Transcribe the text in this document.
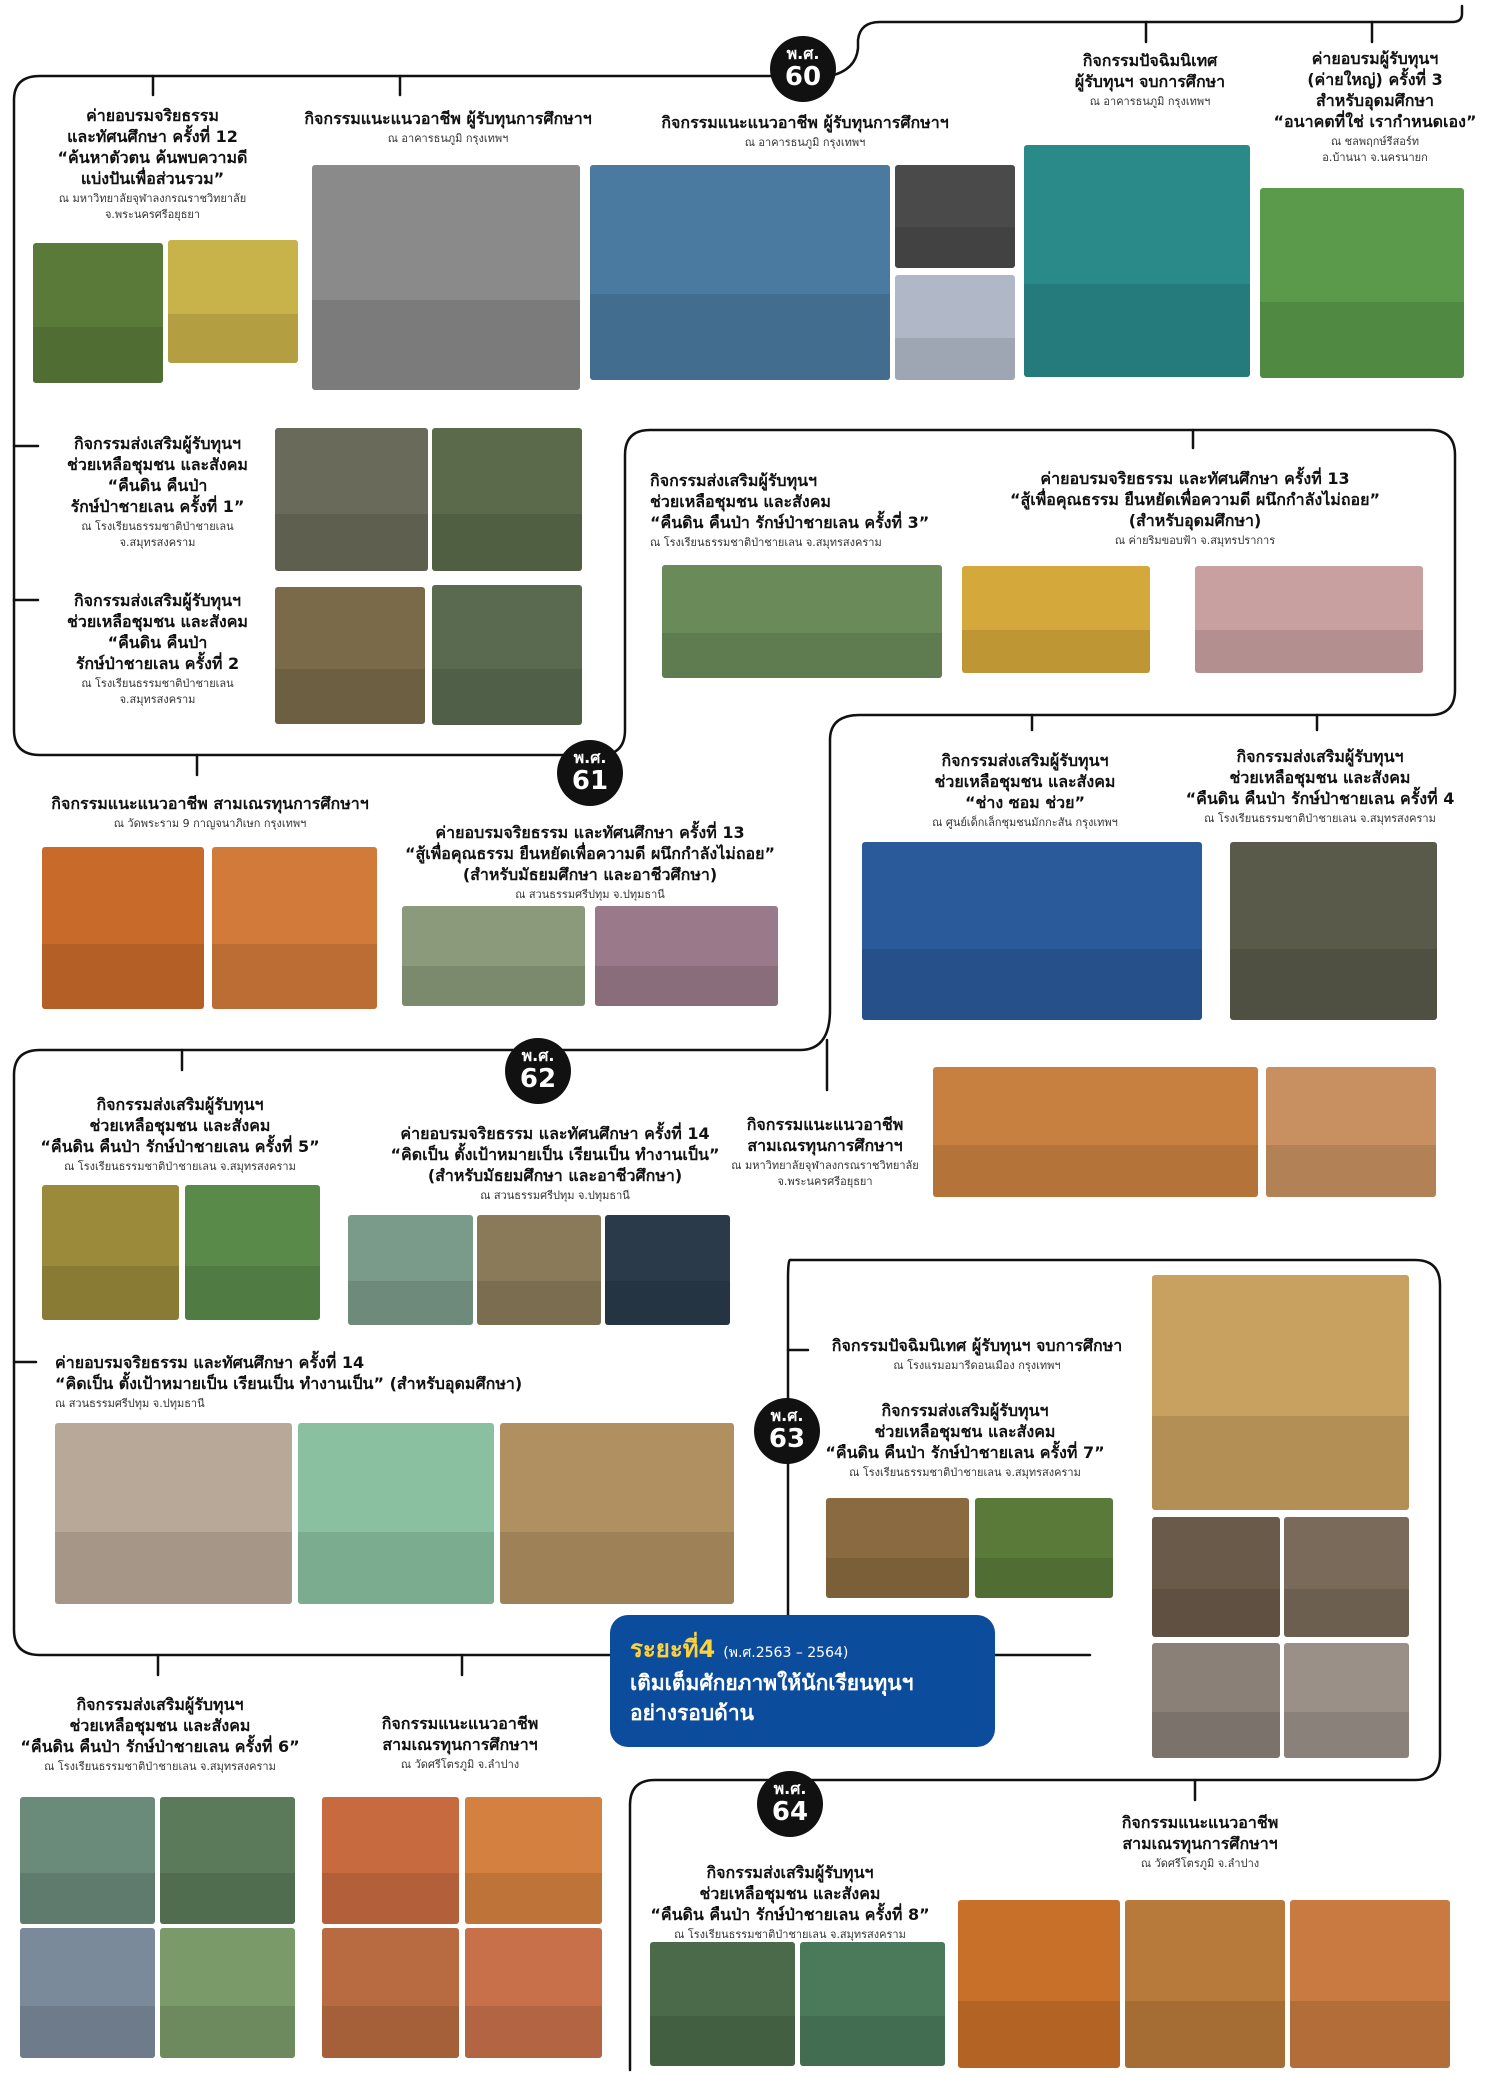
พ.ศ.
60
พ.ศ.
61
พ.ศ.
62
พ.ศ.
63
พ.ศ.
64
ระยะที่4 (พ.ศ.2563 – 2564)
เติมเต็มศักยภาพให้นักเรียนทุนฯ
อย่างรอบด้าน
ค่ายอบรมจริยธรรม
และทัศนศึกษา ครั้งที่ 12
“ค้นหาตัวตน ค้นพบความดี
แบ่งปันเพื่อส่วนรวม”
ณ มหาวิทยาลัยจุฬาลงกรณราชวิทยาลัย
จ.พระนครศรีอยุธยา
กิจกรรมแนะแนวอาชีพ ผู้รับทุนการศึกษาฯ
ณ อาคารธนภูมิ กรุงเทพฯ
กิจกรรมแนะแนวอาชีพ ผู้รับทุนการศึกษาฯ
ณ อาคารธนภูมิ กรุงเทพฯ
กิจกรรมปัจฉิมนิเทศ
ผู้รับทุนฯ จบการศึกษา
ณ อาคารธนภูมิ กรุงเทพฯ
ค่ายอบรมผู้รับทุนฯ
(ค่ายใหญ่) ครั้งที่ 3
สำหรับอุดมศึกษา
“อนาคตที่ใช่ เรากำหนดเอง”
ณ ชลพฤกษ์รีสอร์ท
อ.บ้านนา จ.นครนายก
กิจกรรมส่งเสริมผู้รับทุนฯ
ช่วยเหลือชุมชน และสังคม
“คืนดิน คืนป่า
รักษ์ป่าชายเลน ครั้งที่ 1”
ณ โรงเรียนธรรมชาติป่าชายเลน
จ.สมุทรสงคราม
กิจกรรมส่งเสริมผู้รับทุนฯ
ช่วยเหลือชุมชน และสังคม
“คืนดิน คืนป่า
รักษ์ป่าชายเลน ครั้งที่ 2
ณ โรงเรียนธรรมชาติป่าชายเลน
จ.สมุทรสงคราม
กิจกรรมส่งเสริมผู้รับทุนฯ
ช่วยเหลือชุมชน และสังคม
“คืนดิน คืนป่า รักษ์ป่าชายเลน ครั้งที่ 3”
ณ โรงเรียนธรรมชาติป่าชายเลน จ.สมุทรสงคราม
ค่ายอบรมจริยธรรม และทัศนศึกษา ครั้งที่ 13
“สู้เพื่อคุณธรรม ยืนหยัดเพื่อความดี ผนึกกำลังไม่ถอย”
(สำหรับอุดมศึกษา)
ณ ค่ายริมขอบฟ้า จ.สมุทรปราการ
กิจกรรมแนะแนวอาชีพ สามเณรทุนการศึกษาฯ
ณ วัดพระราม 9 กาญจนาภิเษก กรุงเทพฯ	ค่ายอบรมจริยธรรม และทัศนศึกษา ครั้งที่ 13
“สู้เพื่อคุณธรรม ยืนหยัดเพื่อความดี ผนึกกำลังไม่ถอย”
(สำหรับมัธยมศึกษา และอาชีวศึกษา)
ณ สวนธรรมศรีปทุม จ.ปทุมธานี
กิจกรรมส่งเสริมผู้รับทุนฯ
ช่วยเหลือชุมชน และสังคม
“ช่าง ซอม ช่วย”
ณ ศูนย์เด็กเล็กชุมชนมักกะสัน กรุงเทพฯ
กิจกรรมส่งเสริมผู้รับทุนฯ
ช่วยเหลือชุมชน และสังคม
“คืนดิน คืนป่า รักษ์ป่าชายเลน ครั้งที่ 4
ณ โรงเรียนธรรมชาติป่าชายเลน จ.สมุทรสงคราม
กิจกรรมส่งเสริมผู้รับทุนฯ
ช่วยเหลือชุมชน และสังคม
“คืนดิน คืนป่า รักษ์ป่าชายเลน ครั้งที่ 5”
ณ โรงเรียนธรรมชาติป่าชายเลน จ.สมุทรสงคราม
ค่ายอบรมจริยธรรม และทัศนศึกษา ครั้งที่ 14
“คิดเป็น ตั้งเป้าหมายเป็น เรียนเป็น ทำงานเป็น”
(สำหรับมัธยมศึกษา และอาชีวศึกษา)
ณ สวนธรรมศรีปทุม จ.ปทุมธานี
กิจกรรมแนะแนวอาชีพ
สามเณรทุนการศึกษาฯ
ณ มหาวิทยาลัยจุฬาลงกรณราชวิทยาลัย
จ.พระนครศรีอยุธยา
ค่ายอบรมจริยธรรม และทัศนศึกษา ครั้งที่ 14
“คิดเป็น ตั้งเป้าหมายเป็น เรียนเป็น ทำงานเป็น” (สำหรับอุดมศึกษา)
ณ สวนธรรมศรีปทุม จ.ปทุมธานี
กิจกรรมปัจฉิมนิเทศ ผู้รับทุนฯ จบการศึกษา
ณ โรงแรมอมารีดอนเมือง กรุงเทพฯ
กิจกรรมส่งเสริมผู้รับทุนฯ
ช่วยเหลือชุมชน และสังคม
“คืนดิน คืนป่า รักษ์ป่าชายเลน ครั้งที่ 7”
ณ โรงเรียนธรรมชาติป่าชายเลน จ.สมุทรสงคราม
กิจกรรมส่งเสริมผู้รับทุนฯ
ช่วยเหลือชุมชน และสังคม
“คืนดิน คืนป่า รักษ์ป่าชายเลน ครั้งที่ 6”
ณ โรงเรียนธรรมชาติป่าชายเลน จ.สมุทรสงคราม
กิจกรรมแนะแนวอาชีพ
สามเณรทุนการศึกษาฯ
ณ วัดศรีโตรภูมิ จ.ลำปาง
กิจกรรมส่งเสริมผู้รับทุนฯ
ช่วยเหลือชุมชน และสังคม
“คืนดิน คืนป่า รักษ์ป่าชายเลน ครั้งที่ 8”
ณ โรงเรียนธรรมชาติป่าชายเลน จ.สมุทรสงคราม
กิจกรรมแนะแนวอาชีพ
สามเณรทุนการศึกษาฯ
ณ วัดศรีโตรภูมิ จ.ลำปาง
